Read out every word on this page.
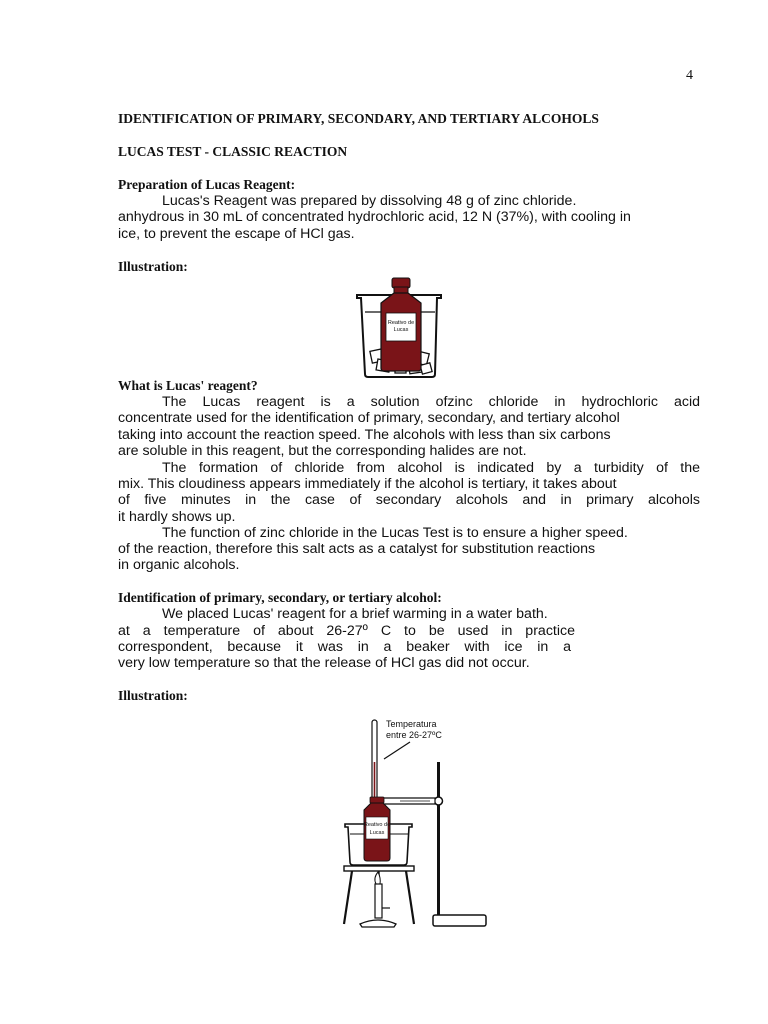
4
IDENTIFICATION OF PRIMARY, SECONDARY, AND TERTIARY ALCOHOLS
LUCAS TEST - CLASSIC REACTION
Preparation of Lucas Reagent:
Lucas's Reagent was prepared by dissolving 48 g of zinc chloride.
anhydrous in 30 mL of concentrated hydrochloric acid, 12 N (37%), with cooling in
ice, to prevent the escape of HCl gas.
Illustration:
Reativo de
Lucas
What is Lucas' reagent?
The Lucas reagent is a solution ofzinc chloride in hydrochloric acid
concentrate used for the identification of primary, secondary, and tertiary alcohol
taking into account the reaction speed. The alcohols with less than six carbons
are soluble in this reagent, but the corresponding halides are not.
The formation of chloride from alcohol is indicated by a turbidity of the
mix. This cloudiness appears immediately if the alcohol is tertiary, it takes about
of five minutes in the case of secondary alcohols and in primary alcohols
it hardly shows up.
The function of zinc chloride in the Lucas Test is to ensure a higher speed.
of the reaction, therefore this salt acts as a catalyst for substitution reactions
in organic alcohols.
Identification of primary, secondary, or tertiary alcohol:
We placed Lucas' reagent for a brief warming in a water bath.
at a temperature of about 26-27º C to be used in practice
correspondent, because it was in a beaker with ice in a
very low temperature so that the release of HCl gas did not occur.
Illustration:
Temperatura
entre 26-27ºC
Reativo de
Lucas
